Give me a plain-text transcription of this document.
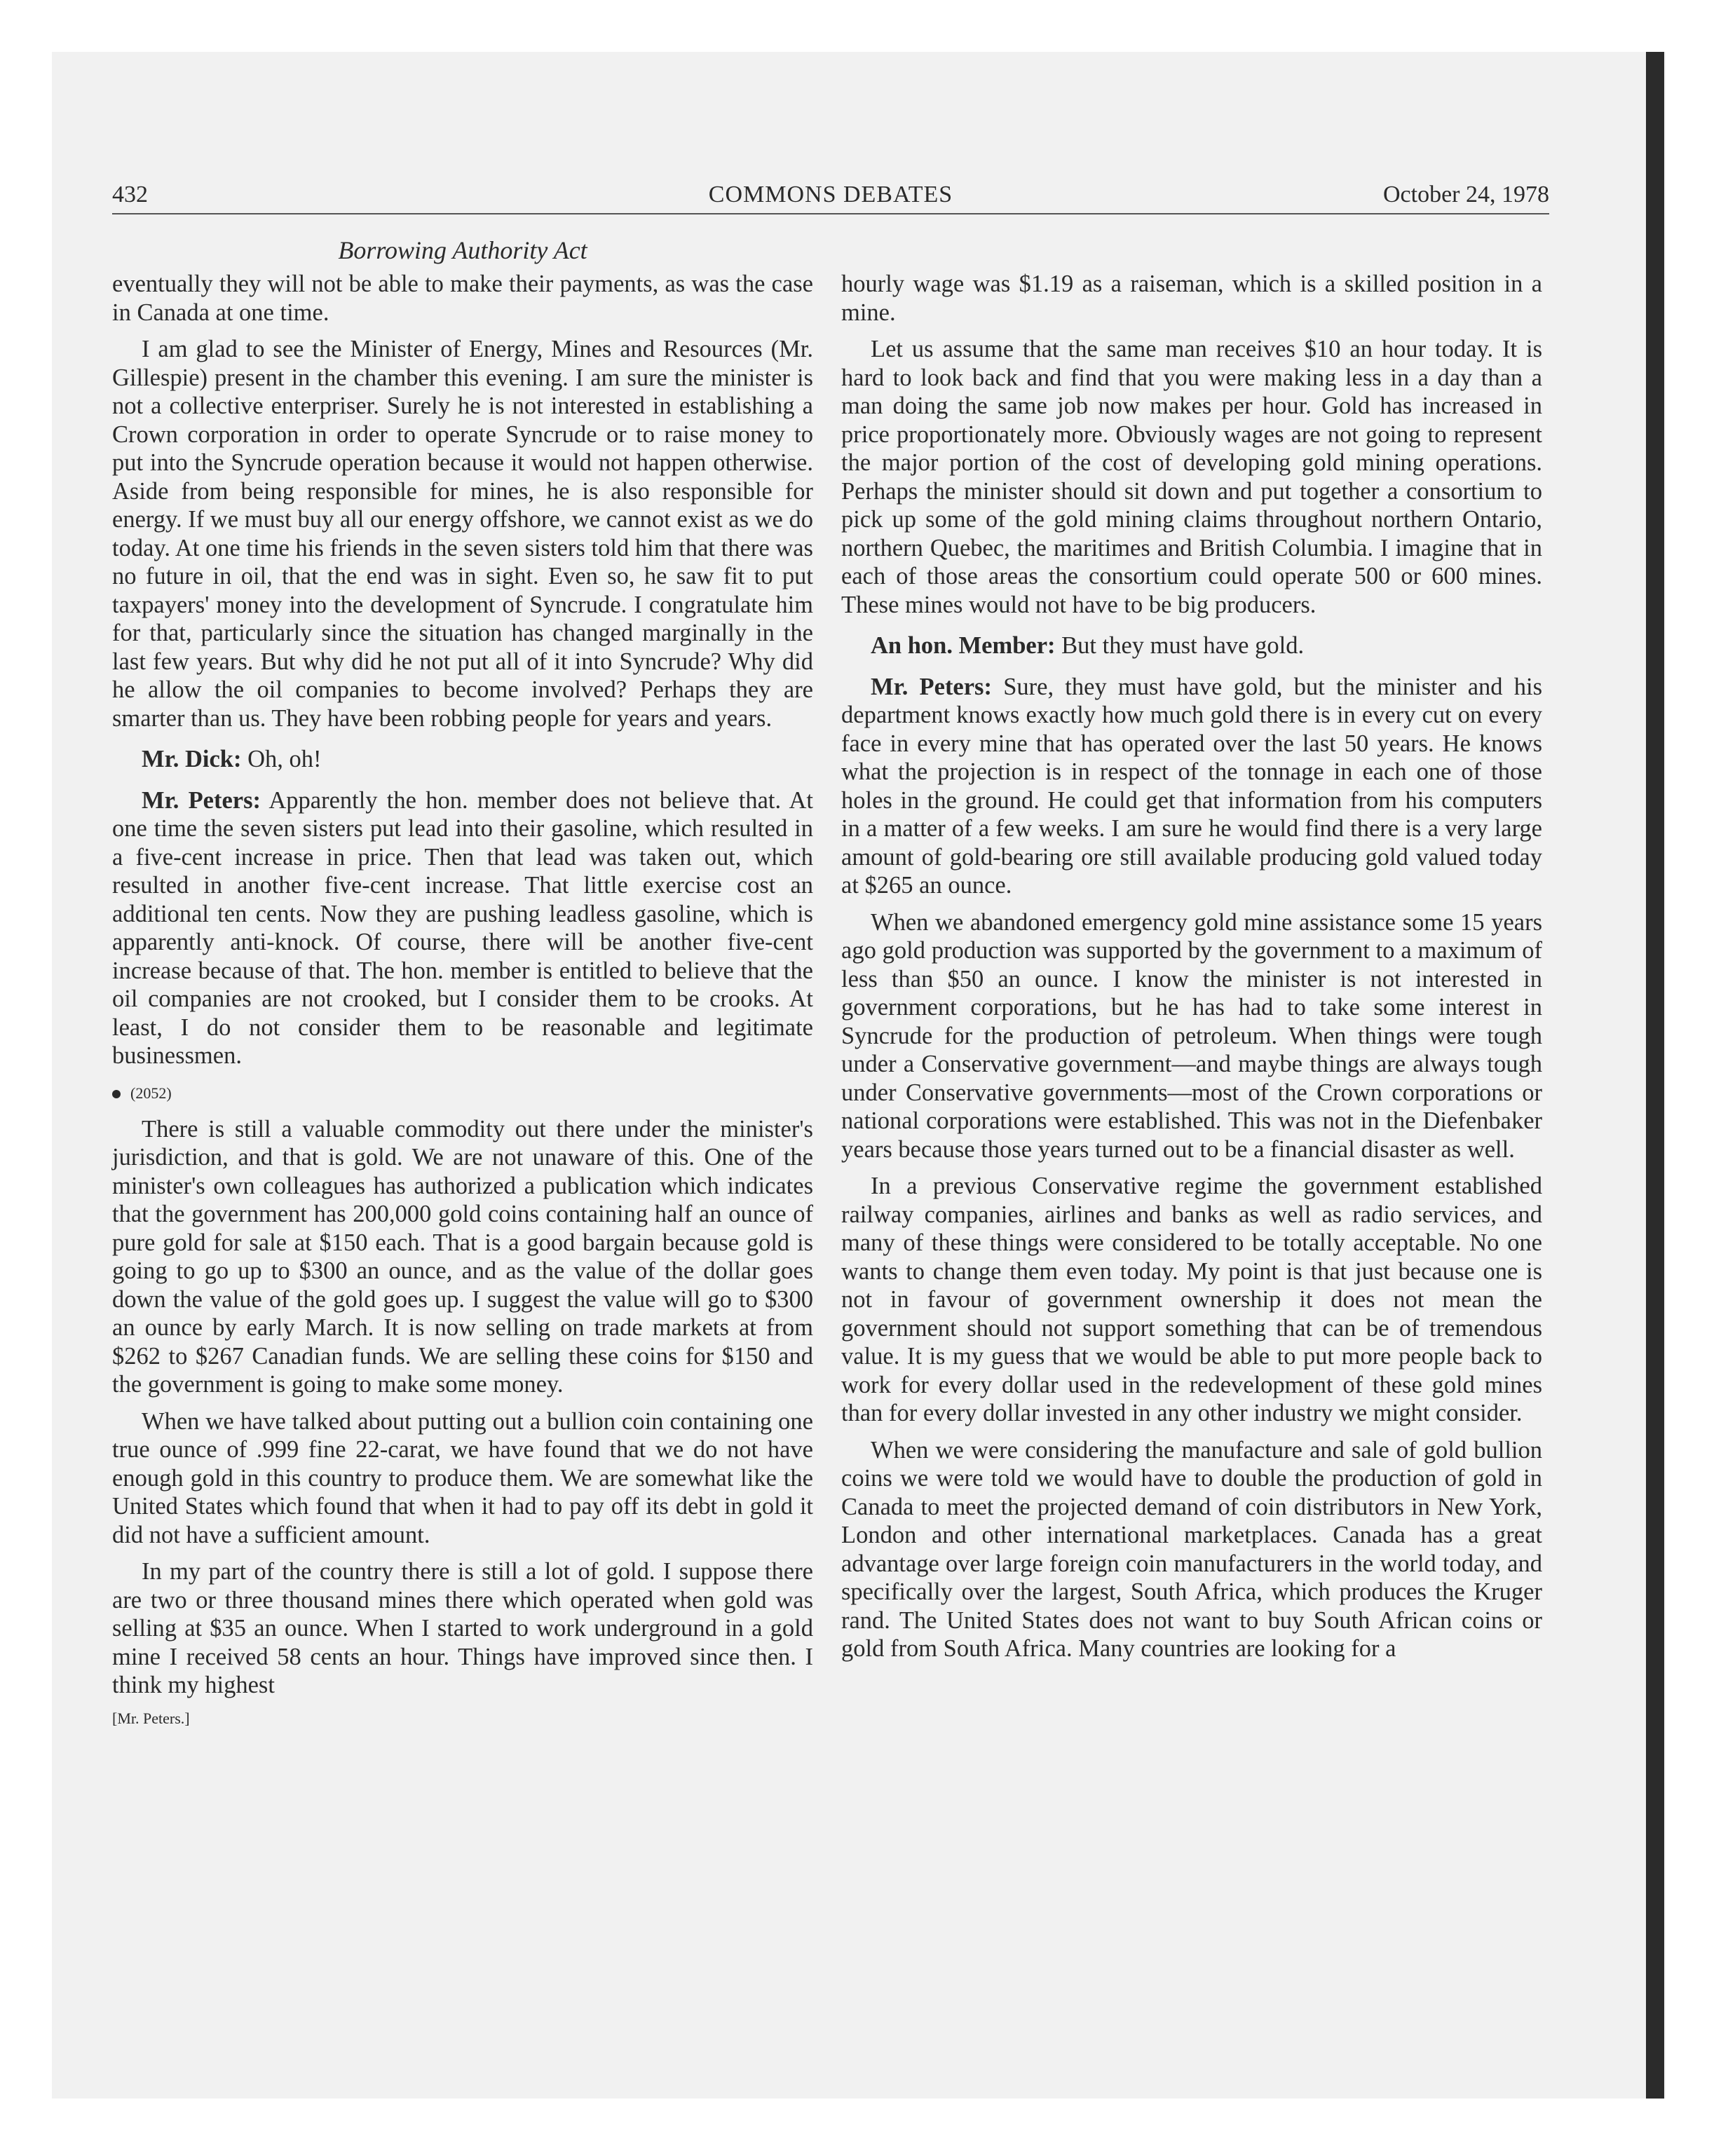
432	COMMONS DEBATES	October 24, 1978
Borrowing Authority Act

eventually they will not be able to make their payments, as was the case in Canada at one time.

I am glad to see the Minister of Energy, Mines and Resources (Mr. Gillespie) present in the chamber this evening. I am sure the minister is not a collective enterpriser. Surely he is not interested in establishing a Crown corporation in order to operate Syncrude or to raise money to put into the Syncrude operation because it would not happen otherwise. Aside from being responsible for mines, he is also responsible for energy. If we must buy all our energy offshore, we cannot exist as we do today. At one time his friends in the seven sisters told him that there was no future in oil, that the end was in sight. Even so, he saw fit to put taxpayers' money into the development of Syncrude. I congratulate him for that, particularly since the situation has changed marginally in the last few years. But why did he not put all of it into Syncrude? Why did he allow the oil companies to become involved? Perhaps they are smarter than us. They have been robbing people for years and years.

Mr. Dick: Oh, oh!

Mr. Peters: Apparently the hon. member does not believe that. At one time the seven sisters put lead into their gasoline, which resulted in a five-cent increase in price. Then that lead was taken out, which resulted in another five-cent increase. That little exercise cost an additional ten cents. Now they are pushing leadless gasoline, which is apparently anti-knock. Of course, there will be another five-cent increase because of that. The hon. member is entitled to believe that the oil companies are not crooked, but I consider them to be crooks. At least, I do not consider them to be reasonable and legitimate businessmen.

(2052)

There is still a valuable commodity out there under the minister's jurisdiction, and that is gold. We are not unaware of this. One of the minister's own colleagues has authorized a publication which indicates that the government has 200,000 gold coins containing half an ounce of pure gold for sale at $150 each. That is a good bargain because gold is going to go up to $300 an ounce, and as the value of the dollar goes down the value of the gold goes up. I suggest the value will go to $300 an ounce by early March. It is now selling on trade markets at from $262 to $267 Canadian funds. We are selling these coins for $150 and the government is going to make some money.

When we have talked about putting out a bullion coin containing one true ounce of .999 fine 22-carat, we have found that we do not have enough gold in this country to produce them. We are somewhat like the United States which found that when it had to pay off its debt in gold it did not have a sufficient amount.

In my part of the country there is still a lot of gold. I suppose there are two or three thousand mines there which operated when gold was selling at $35 an ounce. When I started to work underground in a gold mine I received 58 cents an hour. Things have improved since then. I think my highest

[Mr. Peters.]

hourly wage was $1.19 as a raiseman, which is a skilled position in a mine.

Let us assume that the same man receives $10 an hour today. It is hard to look back and find that you were making less in a day than a man doing the same job now makes per hour. Gold has increased in price proportionately more. Obviously wages are not going to represent the major portion of the cost of developing gold mining operations. Perhaps the minister should sit down and put together a consortium to pick up some of the gold mining claims throughout northern Ontario, northern Quebec, the maritimes and British Columbia. I imagine that in each of those areas the consortium could operate 500 or 600 mines. These mines would not have to be big producers.

An hon. Member: But they must have gold.

Mr. Peters: Sure, they must have gold, but the minister and his department knows exactly how much gold there is in every cut on every face in every mine that has operated over the last 50 years. He knows what the projection is in respect of the tonnage in each one of those holes in the ground. He could get that information from his computers in a matter of a few weeks. I am sure he would find there is a very large amount of gold-bearing ore still available producing gold valued today at $265 an ounce.

When we abandoned emergency gold mine assistance some 15 years ago gold production was supported by the government to a maximum of less than $50 an ounce. I know the minister is not interested in government corporations, but he has had to take some interest in Syncrude for the production of petroleum. When things were tough under a Conservative government—and maybe things are always tough under Conservative governments—most of the Crown corporations or national corporations were established. This was not in the Diefenbaker years because those years turned out to be a financial disaster as well.

In a previous Conservative regime the government established railway companies, airlines and banks as well as radio services, and many of these things were considered to be totally acceptable. No one wants to change them even today. My point is that just because one is not in favour of government ownership it does not mean the government should not support something that can be of tremendous value. It is my guess that we would be able to put more people back to work for every dollar used in the redevelopment of these gold mines than for every dollar invested in any other industry we might consider.

When we were considering the manufacture and sale of gold bullion coins we were told we would have to double the production of gold in Canada to meet the projected demand of coin distributors in New York, London and other international marketplaces. Canada has a great advantage over large foreign coin manufacturers in the world today, and specifically over the largest, South Africa, which produces the Kruger rand. The United States does not want to buy South African coins or gold from South Africa. Many countries are looking for a
